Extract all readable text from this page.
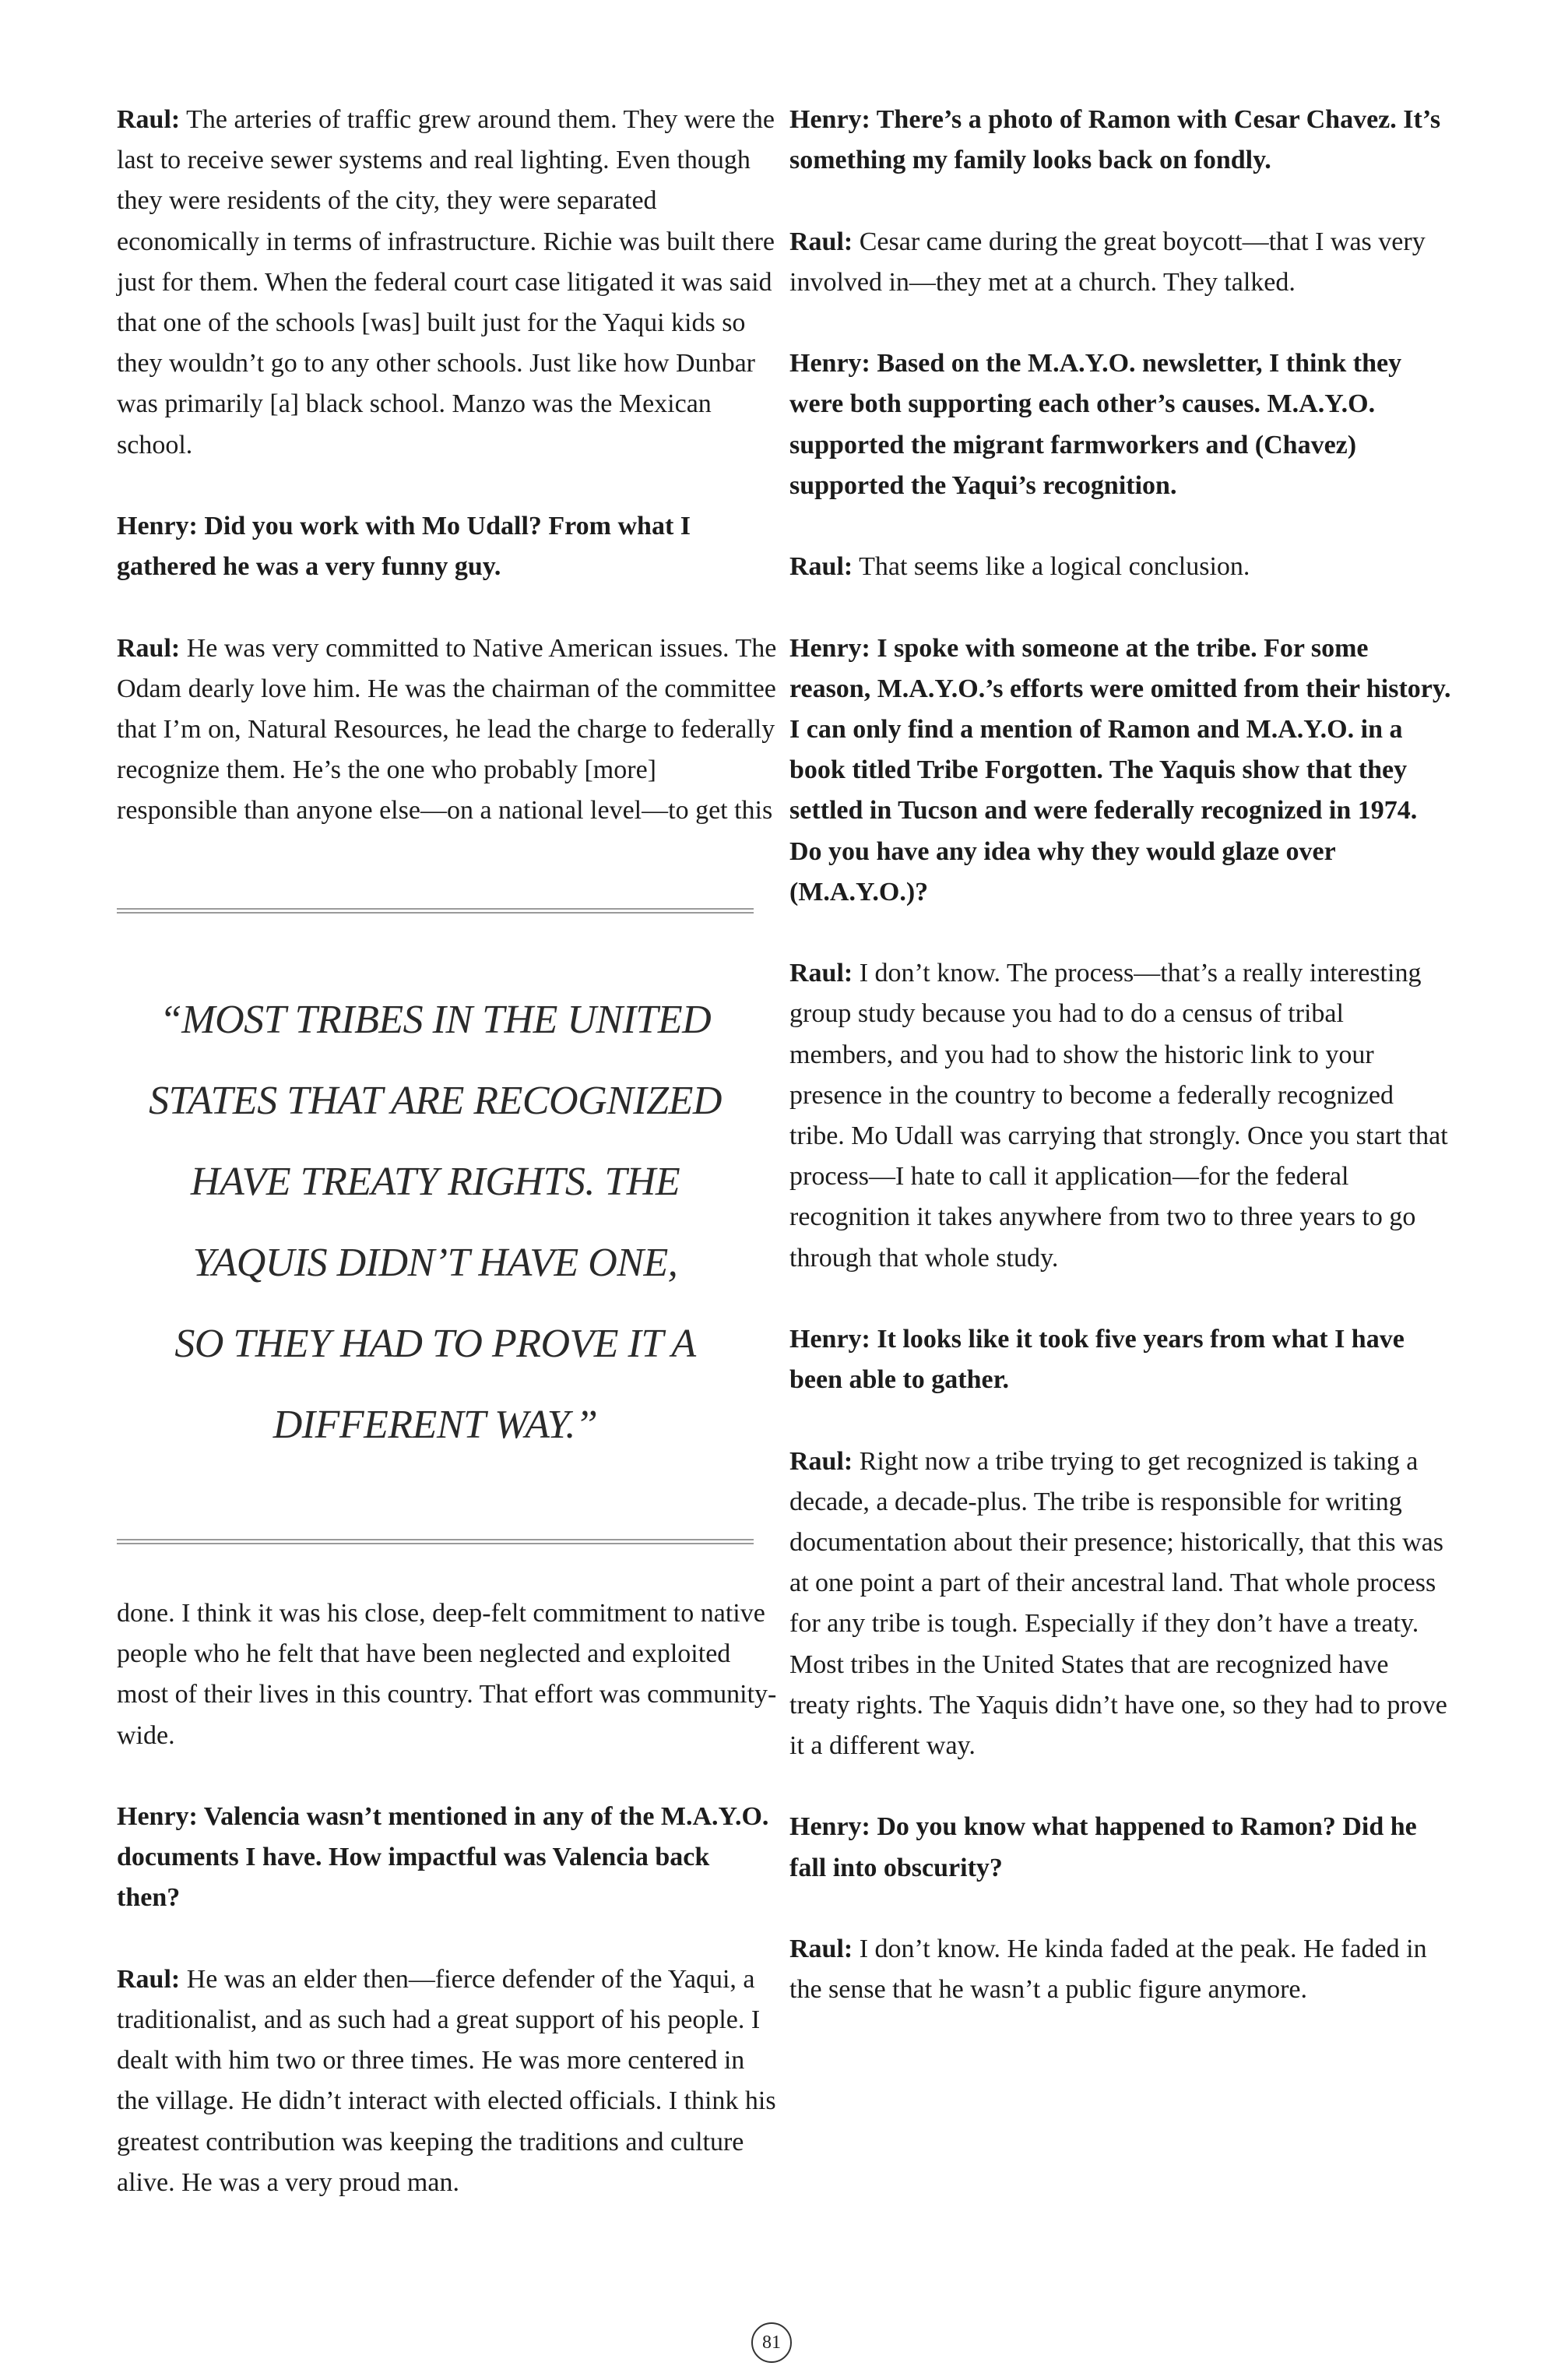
Raul: The arteries of traffic grew around them. They were the last to receive sewer systems and real lighting. Even though they were residents of the city, they were separated economically in terms of infrastructure. Richie was built there just for them. When the federal court case litigated it was said that one of the schools [was] built just for the Yaqui kids so they wouldn’t go to any other schools. Just like how Dunbar was primarily [a] black school. Manzo was the Mexican school.

Henry: Did you work with Mo Udall? From what I gathered he was a very funny guy.

Raul: He was very committed to Native American issues. The Odam dearly love him. He was the chairman of the committee that I’m on, Natural Resources, he lead the charge to federally recognize them. He’s the one who probably [more] responsible than anyone else—on a national level—to get this

“MOST TRIBES IN THE UNITED
STATES THAT ARE RECOGNIZED
HAVE TREATY RIGHTS. THE
YAQUIS DIDN’T HAVE ONE,
SO THEY HAD TO PROVE IT A
DIFFERENT WAY.”

done. I think it was his close, deep-felt commitment to native people who he felt that have been neglected and exploited most of their lives in this country. That effort was community-wide.

Henry: Valencia wasn’t mentioned in any of the M.A.Y.O. documents I have. How impactful was Valencia back then?

Raul: He was an elder then—fierce defender of the Yaqui, a traditionalist, and as such had a great support of his people. I dealt with him two or three times. He was more centered in the village. He didn’t interact with elected officials. I think his greatest contribution was keeping the traditions and culture alive. He was a very proud man.

Henry: There’s a photo of Ramon with Cesar Chavez. It’s something my family looks back on fondly.

Raul: Cesar came during the great boycott—that I was very involved in—they met at a church. They talked.

Henry: Based on the M.A.Y.O. newsletter, I think they were both supporting each other’s causes. M.A.Y.O. supported the migrant farmworkers and (Chavez) supported the Yaqui’s recognition.

Raul: That seems like a logical conclusion.

Henry: I spoke with someone at the tribe. For some reason, M.A.Y.O.’s efforts were omitted from their history. I can only find a mention of Ramon and M.A.Y.O. in a book titled Tribe Forgotten. The Yaquis show that they settled in Tucson and were federally recognized in 1974. Do you have any idea why they would glaze over (M.A.Y.O.)?

Raul: I don’t know. The process—that’s a really interesting group study because you had to do a census of tribal members, and you had to show the historic link to your presence in the country to become a federally recognized tribe. Mo Udall was carrying that strongly. Once you start that process—I hate to call it application—for the federal recognition it takes anywhere from two to three years to go through that whole study.

Henry: It looks like it took five years from what I have been able to gather.

Raul: Right now a tribe trying to get recognized is taking a decade, a decade-plus. The tribe is responsible for writing documentation about their presence; historically, that this was at one point a part of their ancestral land. That whole process for any tribe is tough. Especially if they don’t have a treaty. Most tribes in the United States that are recognized have treaty rights. The Yaquis didn’t have one, so they had to prove it a different way.

Henry: Do you know what happened to Ramon? Did he fall into obscurity?

Raul: I don’t know. He kinda faded at the peak. He faded in the sense that he wasn’t a public figure anymore.

81
